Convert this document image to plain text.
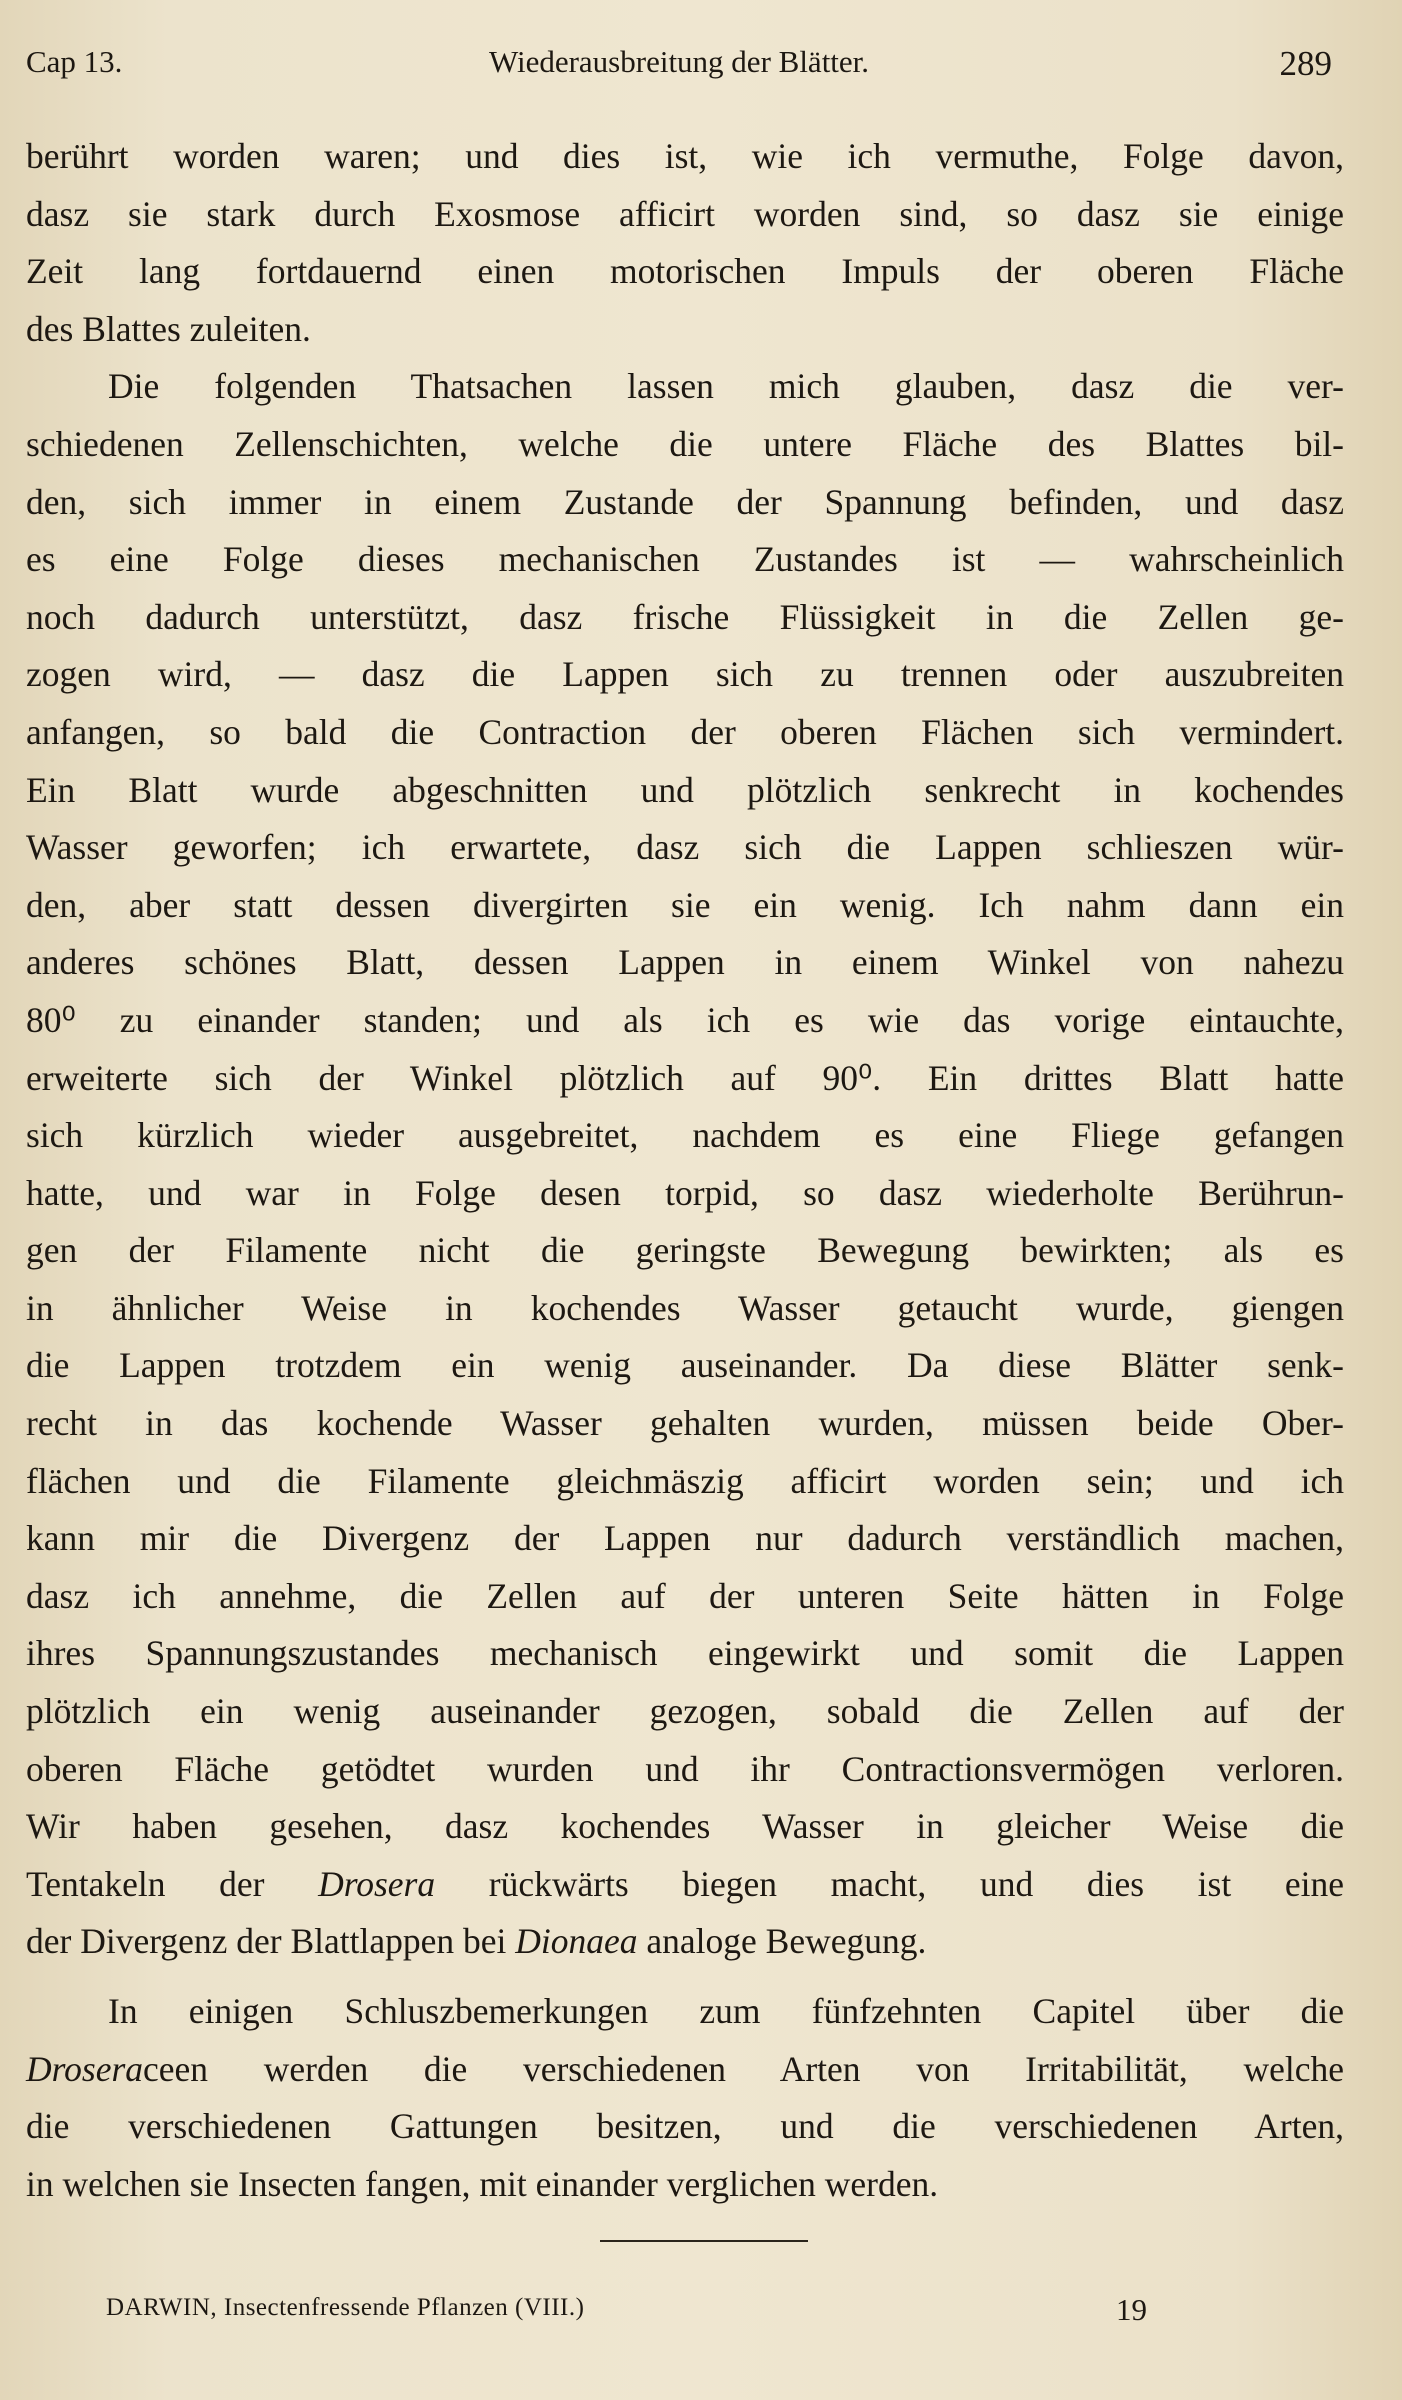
Cap 13.	Wiederausbreitung der Blätter.	289

berührt worden waren; und dies ist, wie ich vermuthe, Folge davon,
dasz sie stark durch Exosmose afficirt worden sind, so dasz sie einige
Zeit lang fortdauernd einen motorischen Impuls der oberen Fläche
des Blattes zuleiten.

Die folgenden Thatsachen lassen mich glauben, dasz die ver-
schiedenen Zellenschichten, welche die untere Fläche des Blattes bil-
den, sich immer in einem Zustande der Spannung befinden, und dasz
es eine Folge dieses mechanischen Zustandes ist — wahrscheinlich
noch dadurch unterstützt, dasz frische Flüssigkeit in die Zellen ge-
zogen wird, — dasz die Lappen sich zu trennen oder auszubreiten
anfangen, so bald die Contraction der oberen Flächen sich vermindert.
Ein Blatt wurde abgeschnitten und plötzlich senkrecht in kochendes
Wasser geworfen; ich erwartete, dasz sich die Lappen schlieszen wür-
den, aber statt dessen divergirten sie ein wenig. Ich nahm dann ein
anderes schönes Blatt, dessen Lappen in einem Winkel von nahezu
80⁰ zu einander standen; und als ich es wie das vorige eintauchte,
erweiterte sich der Winkel plötzlich auf 90⁰. Ein drittes Blatt hatte
sich kürzlich wieder ausgebreitet, nachdem es eine Fliege gefangen
hatte, und war in Folge desen torpid, so dasz wiederholte Berührun-
gen der Filamente nicht die geringste Bewegung bewirkten; als es
in ähnlicher Weise in kochendes Wasser getaucht wurde, giengen
die Lappen trotzdem ein wenig auseinander. Da diese Blätter senk-
recht in das kochende Wasser gehalten wurden, müssen beide Ober-
flächen und die Filamente gleichmäszig afficirt worden sein; und ich
kann mir die Divergenz der Lappen nur dadurch verständlich machen,
dasz ich annehme, die Zellen auf der unteren Seite hätten in Folge
ihres Spannungszustandes mechanisch eingewirkt und somit die Lappen
plötzlich ein wenig auseinander gezogen, sobald die Zellen auf der
oberen Fläche getödtet wurden und ihr Contractionsvermögen verloren.
Wir haben gesehen, dasz kochendes Wasser in gleicher Weise die
Tentakeln der Drosera rückwärts biegen macht, und dies ist eine
der Divergenz der Blattlappen bei Dionaea analoge Bewegung.

In einigen Schluszbemerkungen zum fünfzehnten Capitel über die
Droseraceen werden die verschiedenen Arten von Irritabilität, welche
die verschiedenen Gattungen besitzen, und die verschiedenen Arten,
in welchen sie Insecten fangen, mit einander verglichen werden.

DARWIN, Insectenfressende Pflanzen (VIII.)	19
